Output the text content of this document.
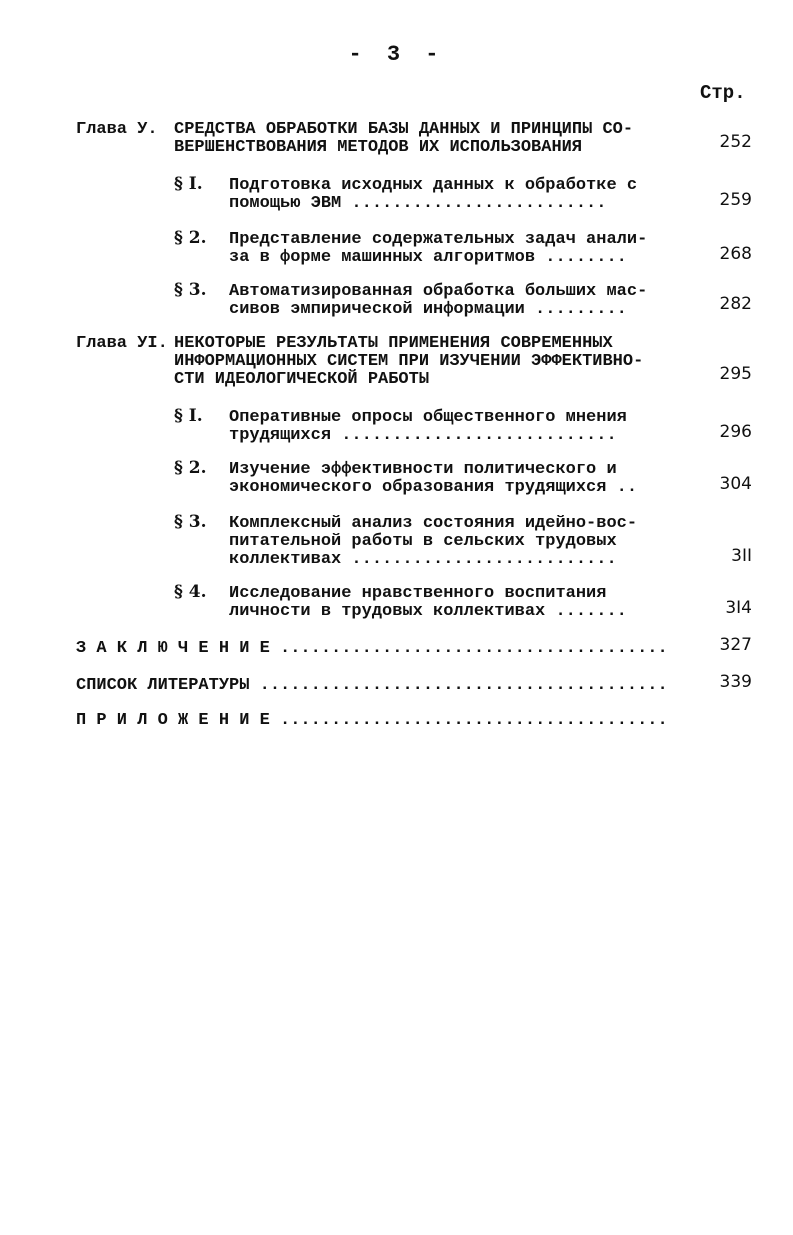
- 3 -
Стр.
Глава У. СРЕДСТВА ОБРАБОТКИ БАЗЫ ДАННЫХ И ПРИНЦИПЫ СО-
ВЕРШЕНСТВОВАНИЯ МЕТОДОВ ИХ ИСПОЛЬЗОВАНИЯ	252
§ I. Подготовка исходных данных к обработке с
помощью ЭВМ .........................	259
§ 2. Представление содержательных задач анали-
за в форме машинных алгоритмов ........	268
§ 3. Автоматизированная обработка больших мас-
сивов эмпирической информации .........	282
Глава УI. НЕКОТОРЫЕ РЕЗУЛЬТАТЫ ПРИМЕНЕНИЯ СОВРЕМЕННЫХ
ИНФОРМАЦИОННЫХ СИСТЕМ ПРИ ИЗУЧЕНИИ ЭФФЕКТИВНО-
СТИ ИДЕОЛОГИЧЕСКОЙ РАБОТЫ	295
§ I. Оперативные опросы общественного мнения
трудящихся ...........................	296
§ 2. Изучение эффективности политического и
экономического образования трудящихся ..	304
§ 3. Комплексный анализ состояния идейно-вос-
питательной работы в сельских трудовых
коллективах ..........................	3II
§ 4. Исследование нравственного воспитания
личности в трудовых коллективах .......	3I4
З А К Л Ю Ч Е Н И Е ......................................	327
СПИСОК ЛИТЕРАТУРЫ ........................................	339
П Р И Л О Ж Е Н И Е ......................................
